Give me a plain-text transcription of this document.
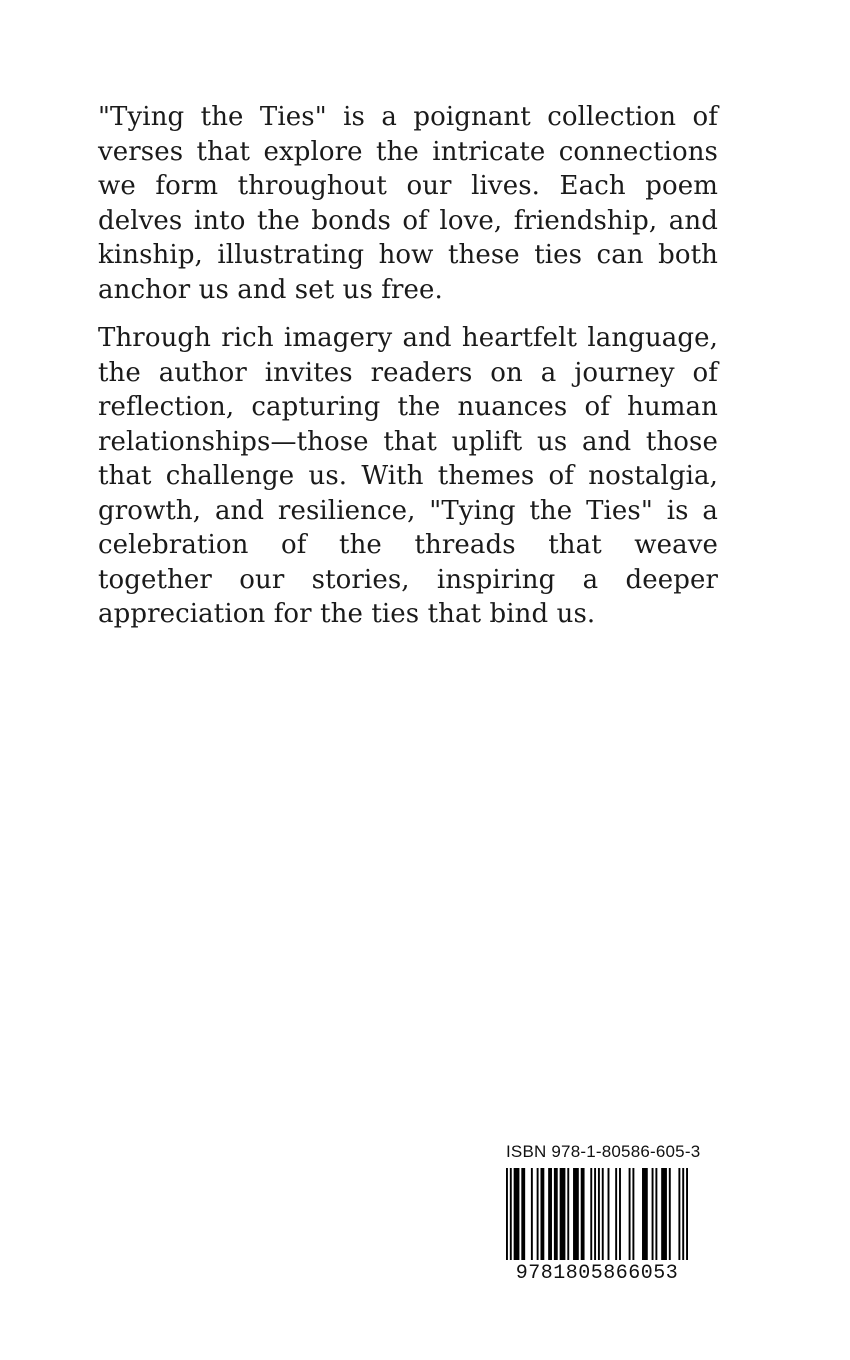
"Tying the Ties" is a poignant collection of verses that explore the intricate connections we form throughout our lives. Each poem delves into the bonds of love, friendship, and kinship, illustrating how these ties can both anchor us and set us free.

Through rich imagery and heartfelt language, the author invites readers on a journey of reflection, capturing the nuances of human relationships—those that uplift us and those that challenge us. With themes of nostalgia, growth, and resilience, "Tying the Ties" is a celebration of the threads that weave together our stories, inspiring a deeper appreciation for the ties that bind us.

ISBN 978-1-80586-605-3
9781805866053
